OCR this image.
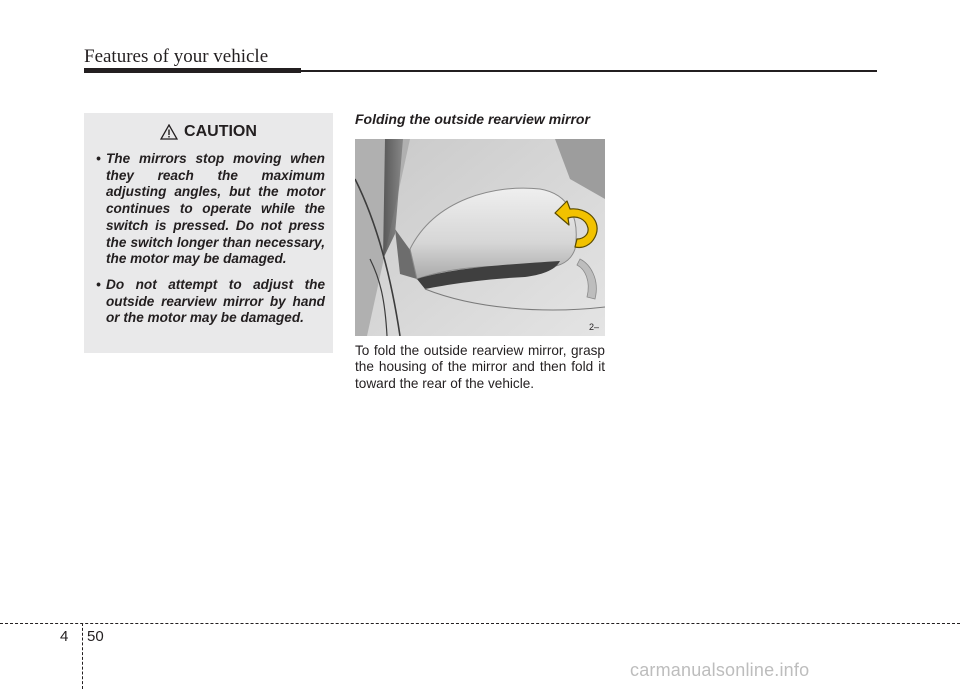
Features of your vehicle
CAUTION
• The mirrors stop moving when they reach the maximum adjusting angles, but the motor continues to operate while the switch is pressed. Do not press the switch longer than necessary, the motor may be damaged.
• Do not attempt to adjust the outside rearview mirror by hand or the motor may be damaged.
Folding the outside rearview mirror
2–
To fold the outside rearview mirror, grasp the housing of the mirror and then fold it toward the rear of the vehicle.
4 50
carmanualsonline.info
